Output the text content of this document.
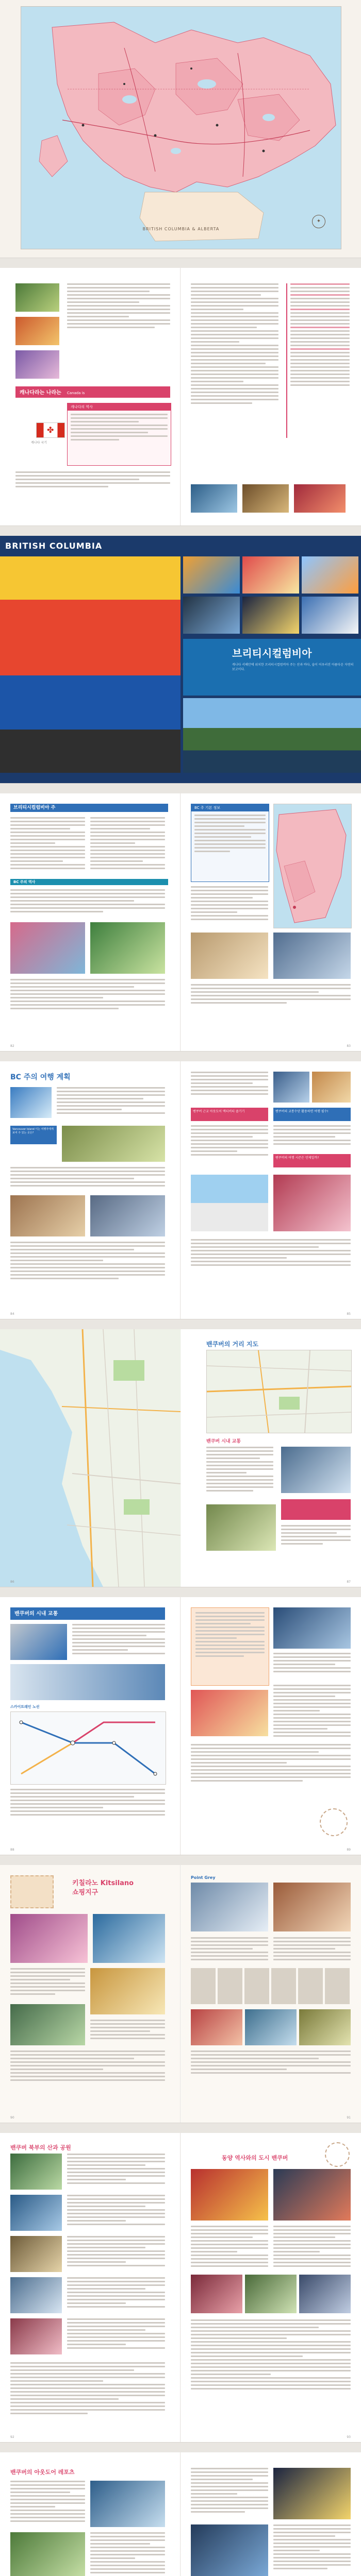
BRITISH COLUMBIA & ALBERTA
✦
캐나다라는 나라는 Canada is
캐나다의 역사
✤
캐나다 국기
BRITISH COLUMBIA
브리티시컬럼비아
캐나다 서해안에 위치한 브리티시컬럼비아 주는 산과 바다, 숲이 어우러진 아름다운 자연의 보고이다.
브리티시컬럼비아 주
BC 주의 역사
82
BC 주 기본 정보
83
BC 주의 여행 계획
Vancouver Island 이는 여행자에게 보여 주 있는 곳은?
84
밴쿠버 근교 아웃도어 액티비티 즐기기	밴쿠버의 교통수단 활용하면 여행 필수!
밴쿠버의 여행 시즌은 언제일까?
85
밴쿠버의 거리 지도
밴쿠버 시내 교통
86	87
밴쿠버의 시내 교통
스카이트레인 노선
88	89
키칠라노 Kitsilano
쇼핑지구
90
Point Grey
91
밴쿠버 북부의 산과 공원
92
동양 역사와의 도시 밴쿠버
93
밴쿠버의 아웃도어 레포츠
